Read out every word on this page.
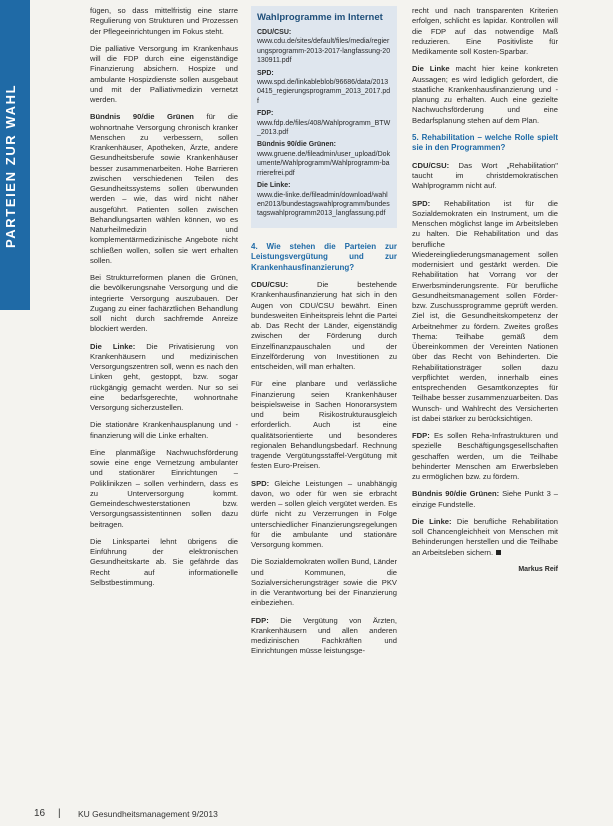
PARTEIEN ZUR WAHL

fügen, so dass mittelfristig eine starre Regulierung von Strukturen und Prozessen der Pflegeeinrichtungen im Fokus steht.

Die palliative Versorgung im Krankenhaus will die FDP durch eine eigenständige Finanzierung absichern. Hospize und ambulante Hospizdienste sollen ausgebaut und mit der Palliativmedizin vernetzt werden.

Bündnis 90/die Grünen für die wohnortnahe Versorgung chronisch kranker Menschen zu verbessern, sollen Krankenhäuser, Apotheken, Ärzte, andere Gesundheitsberufe sowie Krankenhäuser besser zusammenarbeiten. Hohe Barrieren zwischen verschiedenen Teilen des Gesundheitssystems sollen überwunden werden – wie, das wird nicht näher ausgeführt. Patienten sollen zwischen Behandlungsarten wählen können, wo es Naturheilmedizin und komplementärmedizinische Angebote nicht schließen wollen, sollen sie wert erhalten sollen.

Bei Strukturreformen planen die Grünen, die bevölkerungsnahe Versorgung und die integrierte Versorgung auszubauen. Der Zugang zu einer fachärztlichen Behandlung soll nicht durch sachfremde Anreize blockiert werden.

Die Linke: Die Privatisierung von Krankenhäusern und medizinischen Versorgungszentren soll, wenn es nach den Linken geht, gestoppt, bzw. sogar rückgängig gemacht werden. Nur so sei eine bedarfsgerechte, wohnortnahe Versorgung sicherzustellen.

Die stationäre Krankenhausplanung und -finanzierung will die Linke erhalten.

Eine planmäßige Nachwuchsförderung sowie eine enge Vernetzung ambulanter und stationärer Einrichtungen – Poliklinikzen – sollen verhindern, dass es zu Unterversorgung kommt. Gemeindeschwesterstationen bzw. Versorgungsassistentinnen sollen dazu beitragen.

Die Linkspartei lehnt übrigens die Einführung der elektronischen Gesundheitskarte ab. Sie gefährde das Recht auf informationelle Selbstbestimmung.

Wahlprogramme im Internet
CDU/CSU:
www.cdu.de/sites/default/files/media/regierungsprogramm-2013-2017-langfassung-20130911.pdf
SPD:
www.spd.de/linkableblob/96686/data/20130415_regierungsprogramm_2013_2017.pdf
FDP:
www.fdp.de/files/408/Wahlprogramm_BTW_2013.pdf
Bündnis 90/die Grünen:
www.gruene.de/fileadmin/user_upload/Dokumente/Wahlprogramm/Wahlprogramm-barrierefrei.pdf
Die Linke:
www.die-linke.de/fileadmin/download/wahlen2013/bundestagswahlprogramm/bundestagswahlprogramm2013_langfassung.pdf

4. Wie stehen die Parteien zur Leistungsvergütung und zur Krankenhausfinanzierung?

CDU/CSU: Die bestehende Krankenhausfinanzierung hat sich in den Augen von CDU/CSU bewährt. Einen bundesweiten Einheitspreis lehnt die Partei ab. Das Recht der Länder, eigenständig zwischen der Förderung durch Einzelfinanzpauschalen und der Einzelförderung von Investitionen zu entscheiden, will man erhalten.

Für eine planbare und verlässliche Finanzierung seien Krankenhäuser beispielsweise in Sachen Honorarsystem und beim Risikostrukturausgleich erforderlich. Auch ist eine qualitätsorientierte und besonderes regionalen Behandlungsbedarf. Rechnung tragende Vergütungsstaffel-Vergütung mit festen Euro-Preisen.

SPD: Gleiche Leistungen – unabhängig davon, wo oder für wen sie erbracht werden – sollen gleich vergütet werden. Es dürfe nicht zu Verzerrungen in Folge unterschiedlicher Finanzierungsregelungen für die ambulante und stationäre Versorgung kommen.

Die Sozialdemokraten wollen Bund, Länder und Kommunen, die Sozialversicherungsträger sowie die PKV in die Verantwortung bei der Finanzierung einbeziehen.

FDP: Die Vergütung von Ärzten, Krankenhäusern und allen anderen medizinischen Fachkräften und Einrichtungen müsse leistungsge-

recht und nach transparenten Kriterien erfolgen, schlicht es lapidar. Kontrollen will die FDP auf das notwendige Maß reduzieren. Eine Positivliste für Medikamente soll Kosten-Sparbar.

Die Linke macht hier keine konkreten Aussagen; es wird lediglich gefordert, die staatliche Krankenhausfinanzierung und -planung zu erhalten. Auch eine gezielte Nachwuchsförderung und eine Bedarfsplanung stehen auf dem Plan.

5. Rehabilitation – welche Rolle spielt sie in den Programmen?

CDU/CSU: Das Wort „Rehabilitation" taucht im christdemokratischen Wahlprogramm nicht auf.

SPD: Rehabilitation ist für die Sozialdemokraten ein Instrument, um die Menschen möglichst lange im Arbeitsleben zu halten. Die Rehabilitation und das berufliche Wiedereingliederungsmanagement sollen modernisiert und gestärkt werden. Die Rehabilitation hat Vorrang vor der Erwerbsminderungsrente. Für berufliche Gesundheitsmanagement sollen Förder- bzw. Zuschussprogramme geprüft werden. Ziel ist, die Gesundheitskompetenz der Arbeitnehmer zu fördern. Zweites großes Thema: Teilhabe gemäß dem Übereinkommen der Vereinten Nationen über das Recht von Behinderten. Die Rehabilitationsträger sollen dazu verpflichtet werden, innerhalb eines entsprechenden Gesamtkonzeptes für Teilhabe besser zusammenzuarbeiten. Das Wunsch- und Wahlrecht des Versicherten ist dabei stärker zu berücksichtigen.

FDP: Es sollen Reha-Infrastrukturen und spezielle Beschäftigungsgesellschaften geschaffen werden, um die Teilhabe behinderter Menschen am Erwerbsleben zu ermöglichen bzw. zu fördern.

Bündnis 90/die Grünen: Siehe Punkt 3 – einzige Fundstelle.

Die Linke: Die berufliche Rehabilitation soll Chancengleichheit von Menschen mit Behinderungen herstellen und die Teilhabe an Arbeitsleben sichern.

Markus Reif
16 | KU Gesundheitsmanagement 9/2013
